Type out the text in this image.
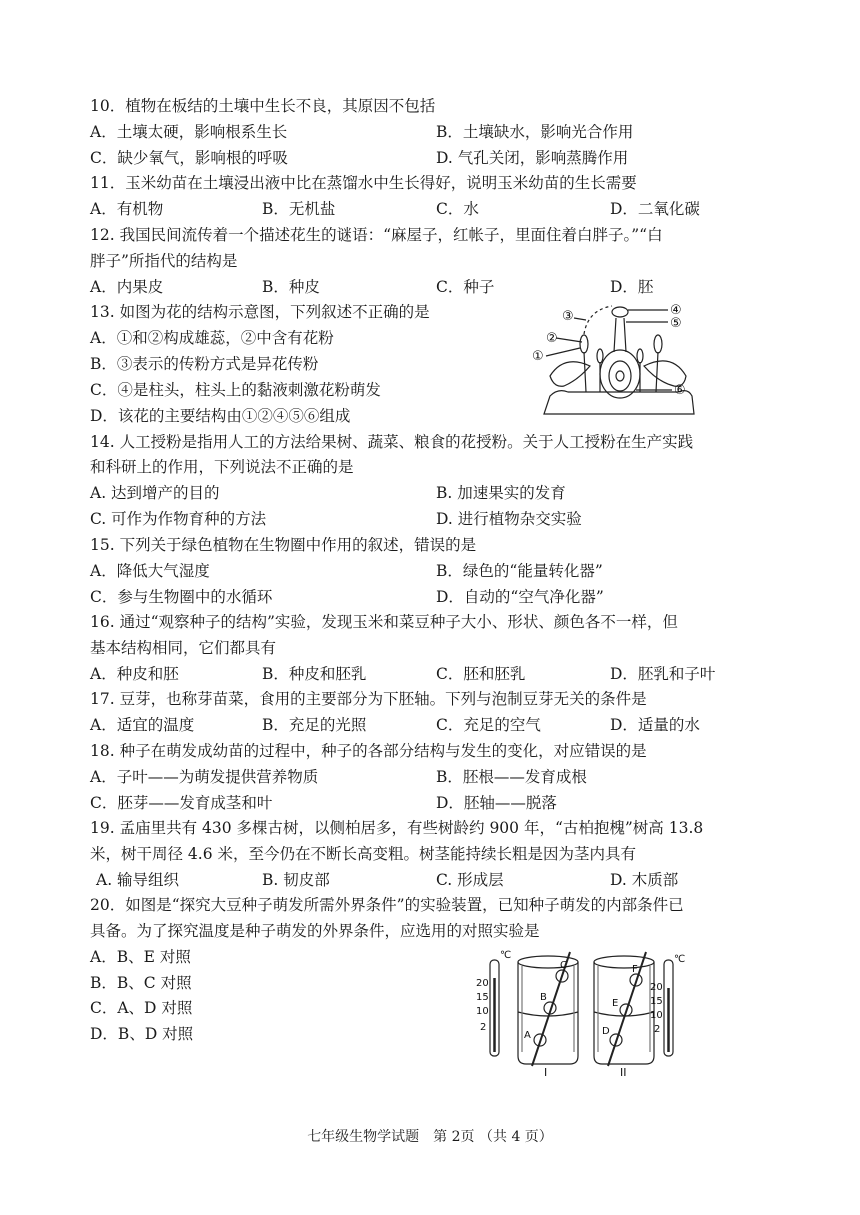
10．植物在板结的土壤中生长不良，其原因不包括
A．土壤太硬，影响根系生长	B．土壤缺水，影响光合作用
C．缺少氧气，影响根的呼吸	D. 气孔关闭，影响蒸腾作用
11．玉米幼苗在土壤浸出液中比在蒸馏水中生长得好，说明玉米幼苗的生长需要
A．有机物	B．无机盐	C．水	D．二氧化碳
12. 我国民间流传着一个描述花生的谜语：“麻屋子，红帐子，里面住着白胖子。”“白
胖子”所指代的结构是
A．内果皮	B．种皮	C．种子	D．胚
13. 如图为花的结构示意图，下列叙述不正确的是
A．①和②构成雄蕊，②中含有花粉
B．③表示的传粉方式是异花传粉
C．④是柱头，柱头上的黏液刺激花粉萌发
D．该花的主要结构由①②④⑤⑥组成
④
⑤
③
②
①
⑥
14. 人工授粉是指用人工的方法给果树、蔬菜、粮食的花授粉。关于人工授粉在生产实践
和科研上的作用，下列说法不正确的是
A. 达到增产的目的	B. 加速果实的发育
C. 可作为作物育种的方法	D. 进行植物杂交实验
15. 下列关于绿色植物在生物圈中作用的叙述，错误的是
A．降低大气湿度	B．绿色的“能量转化器”
C．参与生物圈中的水循环	D．自动的“空气净化器”
16. 通过“观察种子的结构”实验，发现玉米和菜豆种子大小、形状、颜色各不一样，但
基本结构相同，它们都具有
A．种皮和胚	B．种皮和胚乳	C．胚和胚乳	D．胚乳和子叶
17. 豆芽，也称芽苗菜，食用的主要部分为下胚轴。下列与泡制豆芽无关的条件是
A．适宜的温度	B．充足的光照	C．充足的空气	D．适量的水
18. 种子在萌发成幼苗的过程中，种子的各部分结构与发生的变化，对应错误的是
A．子叶——为萌发提供营养物质	B．胚根——发育成根
C．胚芽——发育成茎和叶	D．胚轴——脱落
19. 孟庙里共有 430 多棵古树，以侧柏居多，有些树龄约 900 年，“古柏抱槐”树高 13.8
米，树干周径 4.6 米，至今仍在不断长高变粗。树茎能持续长粗是因为茎内具有
A. 输导组织	B. 韧皮部	C. 形成层	D. 木质部
20．如图是“探究大豆种子萌发所需外界条件”的实验装置，已知种子萌发的内部条件已
具备。为了探究温度是种子萌发的外界条件，应选用的对照实验是
A．B、E 对照
B．B、C 对照
C．A、D 对照
D．B、D 对照
20
10
2
℃
C
B
A
F
E
D
20
15
10
2
℃
15
I	II
七年级生物学试题　第 2页 （共 4 页）
